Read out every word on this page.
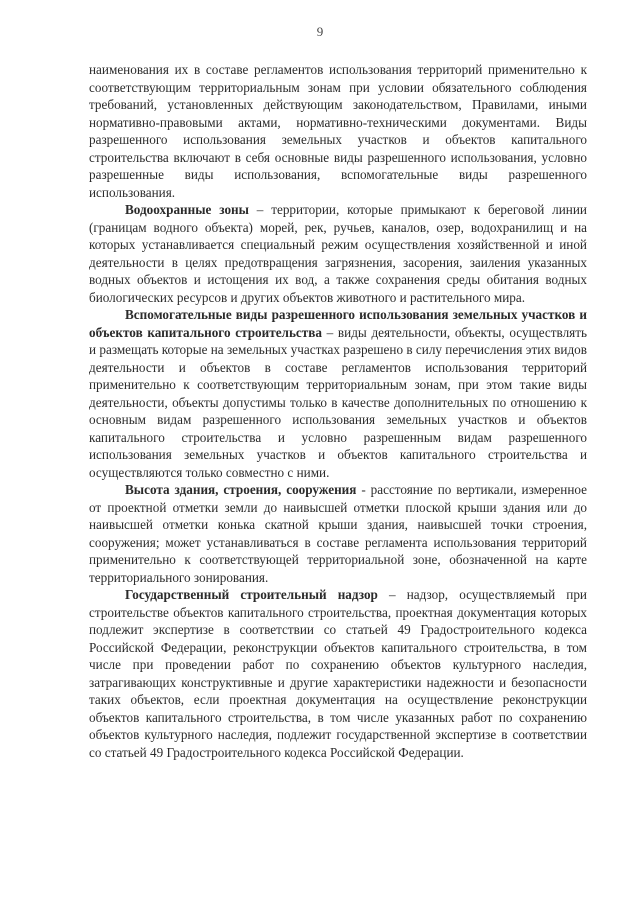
9

наименования их в составе регламентов использования территорий применительно к соответствующим территориальным зонам при условии обязательного соблюдения требований, установленных действующим законодательством, Правилами, иными нормативно-правовыми актами, нормативно-техническими документами. Виды разрешенного использования земельных участков и объектов капитального строительства включают в себя основные виды разрешенного использования, условно разрешенные виды использования, вспомогательные виды разрешенного использования.

Водоохранные зоны – территории, которые примыкают к береговой линии (границам водного объекта) морей, рек, ручьев, каналов, озер, водохранилищ и на которых устанавливается специальный режим осуществления хозяйственной и иной деятельности в целях предотвращения загрязнения, засорения, заиления указанных водных объектов и истощения их вод, а также сохранения среды обитания водных биологических ресурсов и других объектов животного и растительного мира.

Вспомогательные виды разрешенного использования земельных участков и объектов капитального строительства – виды деятельности, объекты, осуществлять и размещать которые на земельных участках разрешено в силу перечисления этих видов деятельности и объектов в составе регламентов использования территорий применительно к соответствующим территориальным зонам, при этом такие виды деятельности, объекты допустимы только в качестве дополнительных по отношению к основным видам разрешенного использования земельных участков и объектов капитального строительства и условно разрешенным видам разрешенного использования земельных участков и объектов капитального строительства и осуществляются только совместно с ними.

Высота здания, строения, сооружения - расстояние по вертикали, измеренное от проектной отметки земли до наивысшей отметки плоской крыши здания или до наивысшей отметки конька скатной крыши здания, наивысшей точки строения, сооружения; может устанавливаться в составе регламента использования территорий применительно к соответствующей территориальной зоне, обозначенной на карте территориального зонирования.

Государственный строительный надзор – надзор, осуществляемый при строительстве объектов капитального строительства, проектная документация которых подлежит экспертизе в соответствии со статьей 49 Градостроительного кодекса Российской Федерации, реконструкции объектов капитального строительства, в том числе при проведении работ по сохранению объектов культурного наследия, затрагивающих конструктивные и другие характеристики надежности и безопасности таких объектов, если проектная документация на осуществление реконструкции объектов капитального строительства, в том числе указанных работ по сохранению объектов культурного наследия, подлежит государственной экспертизе в соответствии со статьей 49 Градостроительного кодекса Российской Федерации.
